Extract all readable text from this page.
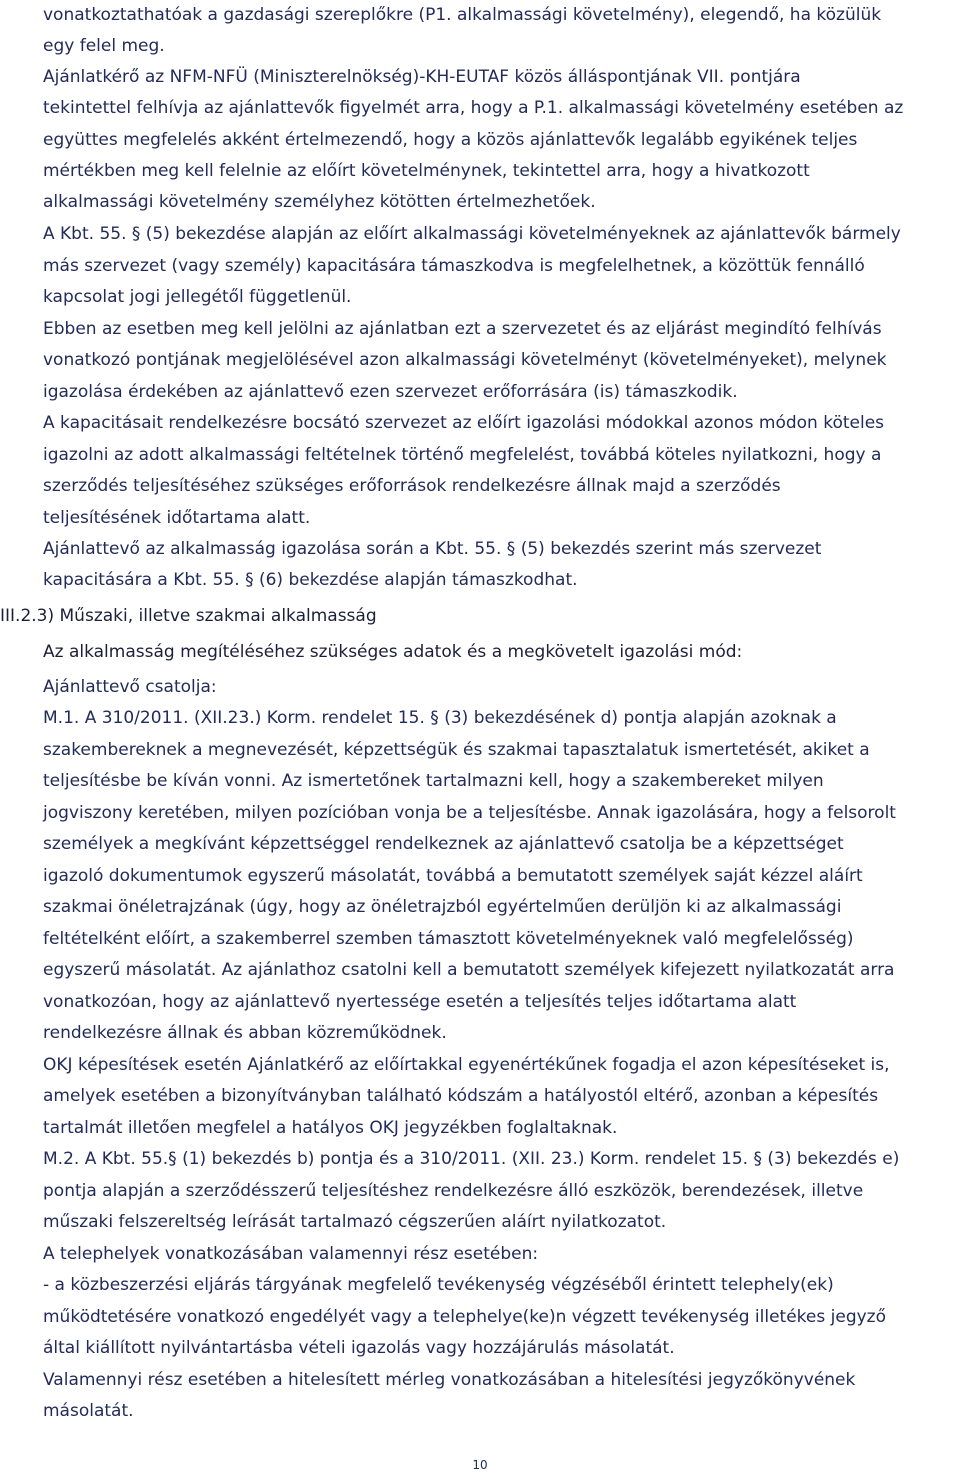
vonatkoztathatóak a gazdasági szereplőkre (P1. alkalmassági követelmény), elegendő, ha közülük
egy felel meg.
Ajánlatkérő az NFM-NFÜ (Miniszterelnökség)-KH-EUTAF közös álláspontjának VII. pontjára
tekintettel felhívja az ajánlattevők figyelmét arra, hogy a P.1. alkalmassági követelmény esetében az
együttes megfelelés akként értelmezendő, hogy a közös ajánlattevők legalább egyikének teljes
mértékben meg kell felelnie az előírt követelménynek, tekintettel arra, hogy a hivatkozott
alkalmassági követelmény személyhez kötötten értelmezhetőek.
A Kbt. 55. § (5) bekezdése alapján az előírt alkalmassági követelményeknek az ajánlattevők bármely
más szervezet (vagy személy) kapacitására támaszkodva is megfelelhetnek, a közöttük fennálló
kapcsolat jogi jellegétől függetlenül.
Ebben az esetben meg kell jelölni az ajánlatban ezt a szervezetet és az eljárást megindító felhívás
vonatkozó pontjának megjelölésével azon alkalmassági követelményt (követelményeket), melynek
igazolása érdekében az ajánlattevő ezen szervezet erőforrására (is) támaszkodik.
A kapacitásait rendelkezésre bocsátó szervezet az előírt igazolási módokkal azonos módon köteles
igazolni az adott alkalmassági feltételnek történő megfelelést, továbbá köteles nyilatkozni, hogy a
szerződés teljesítéséhez szükséges erőforrások rendelkezésre állnak majd a szerződés
teljesítésének időtartama alatt.
Ajánlattevő az alkalmasság igazolása során a Kbt. 55. § (5) bekezdés szerint más szervezet
kapacitására a Kbt. 55. § (6) bekezdése alapján támaszkodhat.
III.2.3) Műszaki, illetve szakmai alkalmasság
Az alkalmasság megítéléséhez szükséges adatok és a megkövetelt igazolási mód:
Ajánlattevő csatolja:
M.1. A 310/2011. (XII.23.) Korm. rendelet 15. § (3) bekezdésének d) pontja alapján azoknak a
szakembereknek a megnevezését, képzettségük és szakmai tapasztalatuk ismertetését, akiket a
teljesítésbe be kíván vonni. Az ismertetőnek tartalmazni kell, hogy a szakembereket milyen
jogviszony keretében, milyen pozícióban vonja be a teljesítésbe. Annak igazolására, hogy a felsorolt
személyek a megkívánt képzettséggel rendelkeznek az ajánlattevő csatolja be a képzettséget
igazoló dokumentumok egyszerű másolatát, továbbá a bemutatott személyek saját kézzel aláírt
szakmai önéletrajzának (úgy, hogy az önéletrajzból egyértelműen derüljön ki az alkalmassági
feltételként előírt, a szakemberrel szemben támasztott követelményeknek való megfelelősség)
egyszerű másolatát. Az ajánlathoz csatolni kell a bemutatott személyek kifejezett nyilatkozatát arra
vonatkozóan, hogy az ajánlattevő nyertessége esetén a teljesítés teljes időtartama alatt
rendelkezésre állnak és abban közreműködnek.
OKJ képesítések esetén Ajánlatkérő az előírtakkal egyenértékűnek fogadja el azon képesítéseket is,
amelyek esetében a bizonyítványban található kódszám a hatályostól eltérő, azonban a képesítés
tartalmát illetően megfelel a hatályos OKJ jegyzékben foglaltaknak.
M.2. A Kbt. 55.§ (1) bekezdés b) pontja és a 310/2011. (XII. 23.) Korm. rendelet 15. § (3) bekezdés e)
pontja alapján a szerződésszerű teljesítéshez rendelkezésre álló eszközök, berendezések, illetve
műszaki felszereltség leírását tartalmazó cégszerűen aláírt nyilatkozatot.
A telephelyek vonatkozásában valamennyi rész esetében:
- a közbeszerzési eljárás tárgyának megfelelő tevékenység végzéséből érintett telephely(ek)
működtetésére vonatkozó engedélyét vagy a telephelye(ke)n végzett tevékenység illetékes jegyző
által kiállított nyilvántartásba vételi igazolás vagy hozzájárulás másolatát.
Valamennyi rész esetében a hitelesített mérleg vonatkozásában a hitelesítési jegyzőkönyvének
másolatát.
10
